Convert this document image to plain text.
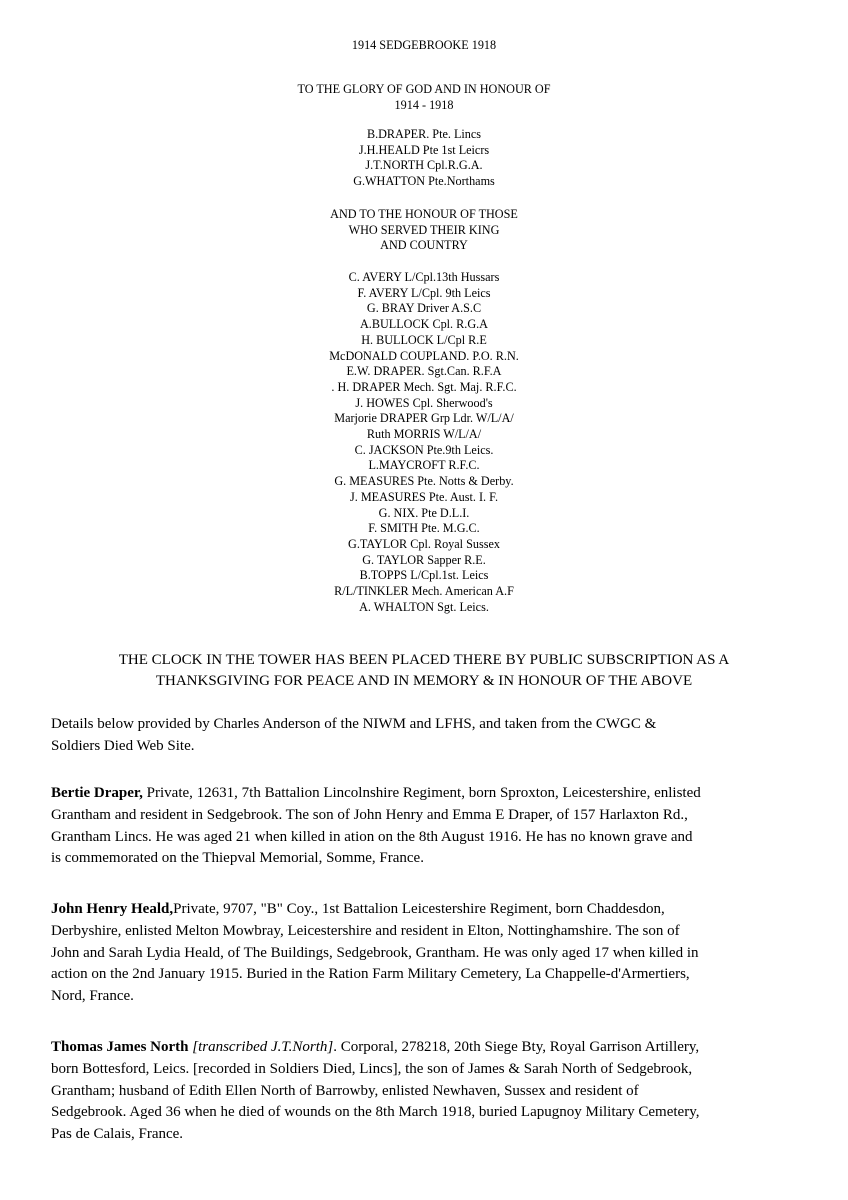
1914 SEDGEBROOKE 1918
TO THE GLORY OF GOD AND IN HONOUR OF
1914 - 1918
B.DRAPER. Pte. Lincs
J.H.HEALD Pte 1st Leicrs
J.T.NORTH Cpl.R.G.A.
G.WHATTON Pte.Northams
AND TO THE HONOUR OF THOSE
WHO SERVED THEIR KING
AND COUNTRY
C. AVERY L/Cpl.13th Hussars
F. AVERY L/Cpl. 9th Leics
G. BRAY Driver A.S.C
A.BULLOCK Cpl. R.G.A
H. BULLOCK L/Cpl R.E
McDONALD COUPLAND. P.O. R.N.
E.W. DRAPER. Sgt.Can. R.F.A
. H. DRAPER Mech. Sgt. Maj. R.F.C.
J. HOWES Cpl. Sherwood's
Marjorie DRAPER Grp Ldr. W/L/A/
Ruth MORRIS W/L/A/
C. JACKSON Pte.9th Leics.
L.MAYCROFT R.F.C.
G. MEASURES Pte. Notts & Derby.
J. MEASURES Pte. Aust. I. F.
G. NIX. Pte D.L.I.
F. SMITH Pte. M.G.C.
G.TAYLOR Cpl. Royal Sussex
G. TAYLOR Sapper R.E.
B.TOPPS L/Cpl.1st. Leics
R/L/TINKLER Mech. American A.F
A. WHALTON Sgt. Leics.
THE CLOCK IN THE TOWER HAS BEEN PLACED THERE BY PUBLIC SUBSCRIPTION AS A
THANKSGIVING FOR PEACE AND IN MEMORY & IN HONOUR OF THE ABOVE
Details below provided by Charles Anderson of the NIWM and LFHS, and taken from the CWGC &
Soldiers Died Web Site.
Bertie Draper, Private, 12631, 7th Battalion Lincolnshire Regiment, born Sproxton, Leicestershire, enlisted
Grantham and resident in Sedgebrook. The son of John Henry and Emma E Draper, of 157 Harlaxton Rd.,
Grantham Lincs. He was aged 21 when killed in ation on the 8th August 1916. He has no known grave and
is commemorated on the Thiepval Memorial, Somme, France.
John Henry Heald,Private, 9707, "B" Coy., 1st Battalion Leicestershire Regiment, born Chaddesdon,
Derbyshire, enlisted Melton Mowbray, Leicestershire and resident in Elton, Nottinghamshire. The son of
John and Sarah Lydia Heald, of The Buildings, Sedgebrook, Grantham. He was only aged 17 when killed in
action on the 2nd January 1915. Buried in the Ration Farm Military Cemetery, La Chappelle-d'Armertiers,
Nord, France.
Thomas James North [transcribed J.T.North]. Corporal, 278218, 20th Siege Bty, Royal Garrison Artillery,
born Bottesford, Leics. [recorded in Soldiers Died, Lincs], the son of James & Sarah North of Sedgebrook,
Grantham; husband of Edith Ellen North of Barrowby, enlisted Newhaven, Sussex and resident of
Sedgebrook. Aged 36 when he died of wounds on the 8th March 1918, buried Lapugnoy Military Cemetery,
Pas de Calais, France.
